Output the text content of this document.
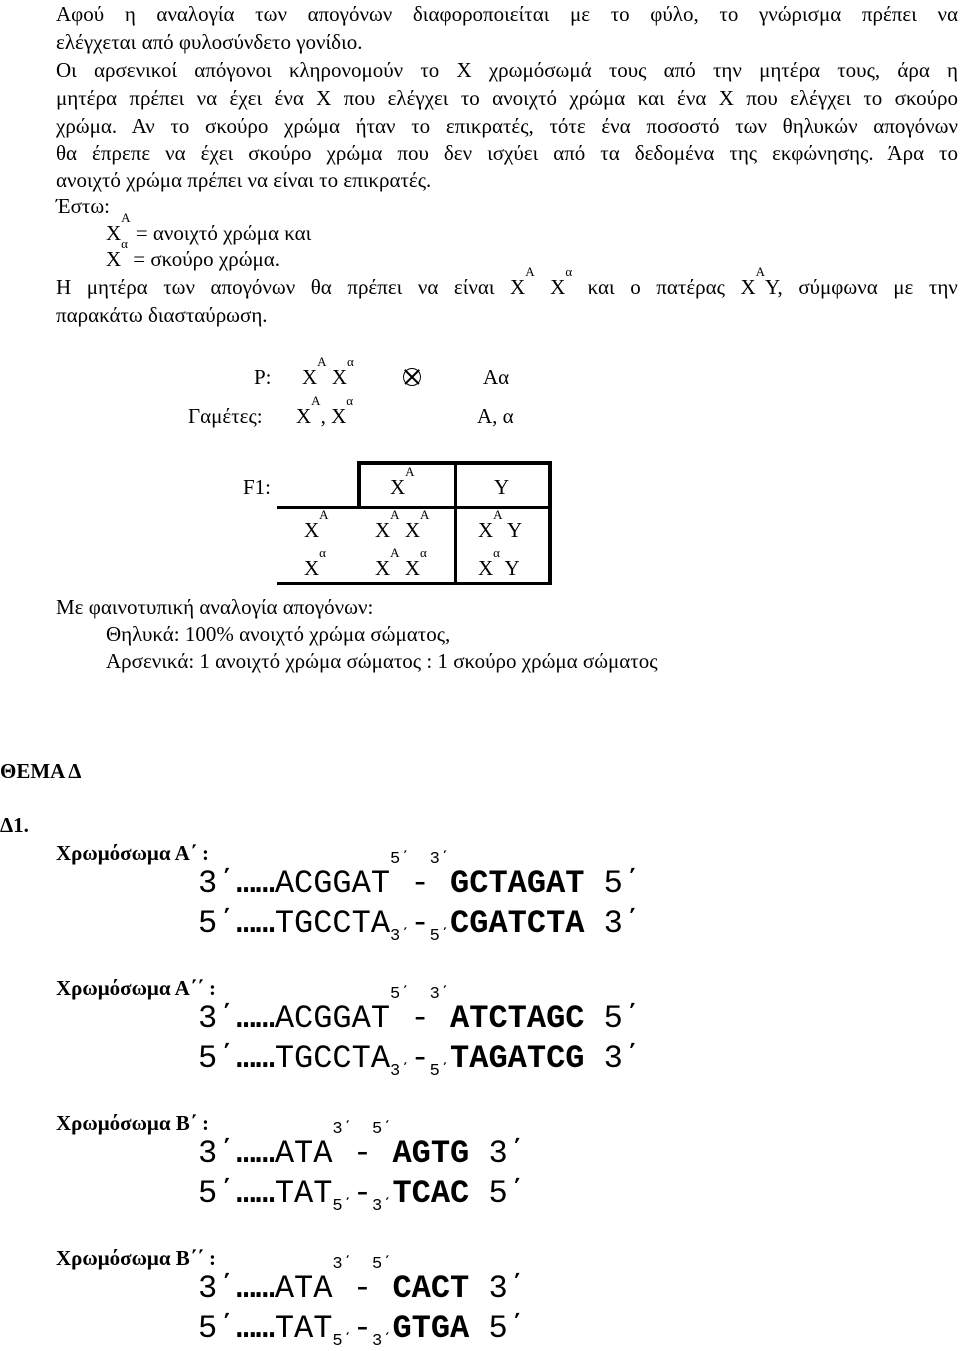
Αφού η αναλογία των απογόνων διαφοροποιείται με το φύλο, το γνώρισμα πρέπει να
ελέγχεται από φυλοσύνδετο γονίδιο.
Οι αρσενικοί απόγονοι κληρονομούν το Χ χρωμόσωμά τους από την μητέρα τους, άρα η
μητέρα πρέπει να έχει ένα Χ που ελέγχει το ανοιχτό χρώμα και ένα Χ που ελέγχει το σκούρο
χρώμα. Αν το σκούρο χρώμα ήταν το επικρατές, τότε ένα ποσοστό των θηλυκών απογόνων
θα έπρεπε να έχει σκούρο χρώμα που δεν ισχύει από τα δεδομένα της εκφώνησης. Άρα το
ανοιχτό χρώμα πρέπει να είναι το επικρατές.
Έστω:
$X^A = \alpha\nu o\iota\chi\tau ό$ χρώμα και
$X^\alpha = \sigma\kappa oύ\rho o$ χρώμα.
Η μητέρα των απογόνων θα πρέπει να είναι $X^A$
$X^\alpha$
και ο πατέρας $X^A\Upsilon$, σύμφωνα με την
παρακάτω διασταύρωση.
P: $X^A$ $X^\alpha$
Αα
Γαμέτες: $X^A$, $X^\alpha$
Α, α
F1:	$X^A$
Υ
$X^A$
$X^A$ $X^A$
$X^A$ Υ
$X^\alpha$
$X^A$ $X^\alpha$
$X^\alpha$ Υ
Με φαινοτυπική αναλογία απογόνων:
Θηλυκά: 100% ανοιχτό χρώμα σώματος,
Αρσενικά: 1 ανοιχτό χρώμα σώματος : 1 σκούρο χρώμα σώματος
ΘΕΜΑ Δ
Δ1.
Χρωμόσωμα Α΄ :
$3΄\dots\dots ACGGAT^{5΄}-^{3΄}GCTAGAT$ 5΄
$5΄\dots\dots TGCCTA_{3΄}-_{5΄}CGATCTA$ 3΄
Χρωμόσωμα Α΄΄ :
$3΄\dots\dots ACGGAT^{5΄}-^{3΄}ATCTAGC$ 5΄
$5΄\dots\dots TGCCTA_{3΄}-_{5΄}TAGATCG$ 3΄
Χρωμόσωμα Β΄ :
$3΄\dots\dots ATA^{3΄}-^{5΄}AGTG$ 3΄
$5΄\dots\dots TAT_{5΄}-_{3΄}TCAC$ 5΄
Χρωμόσωμα Β΄΄ :
$3΄\dots\dots ATA^{3΄}-^{5΄}CACT$ 3΄
$5΄\dots\dots TAT_{5΄}-_{3΄}GTGA$ 5΄
